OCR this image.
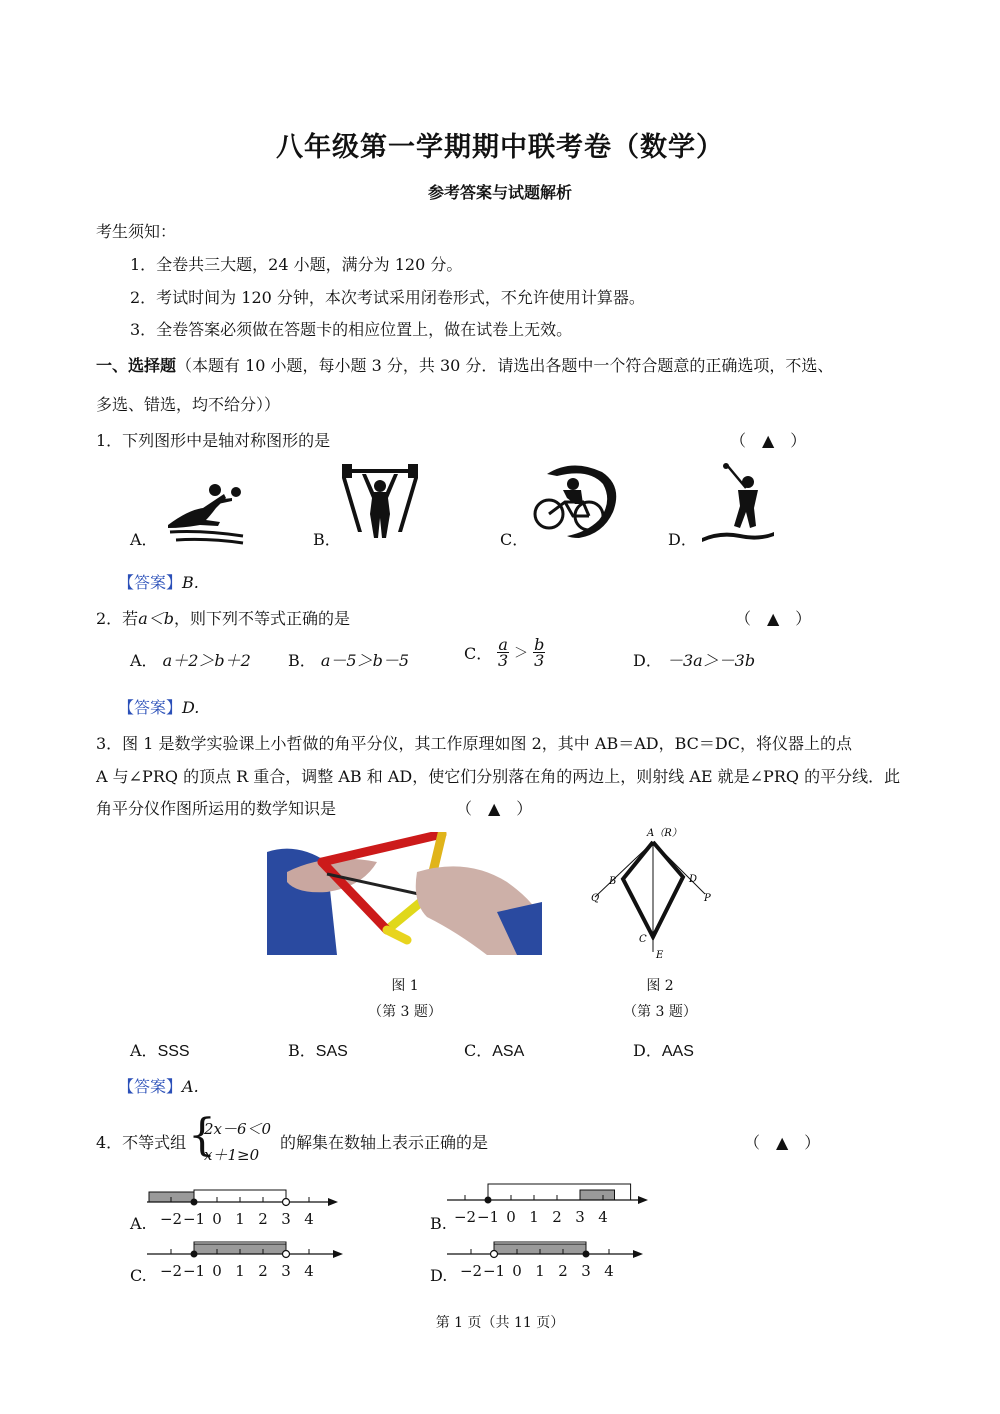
八年级第一学期期中联考卷（数学）
参考答案与试题解析
考生须知：
1．全卷共三大题，24 小题，满分为 120 分。
2．考试时间为 120 分钟，本次考试采用闭卷形式，不允许使用计算器。
3．全卷答案必须做在答题卡的相应位置上，做在试卷上无效。
一、选择题（本题有 10 小题，每小题 3 分，共 30 分．请选出各题中一个符合题意的正确选项，不选、
多选、错选，均不给分））
1．下列图形中是轴对称图形的是	（　▲　）
A．	B．	C．	D．
【答案】B.
2．若a＜b，则下列不等式正确的是	（　▲　）
A． a＋2＞b＋2 B． a－5＞b－5	C． $\frac{a}{3} > \frac{b}{3}$	D． －3a＞－3b
【答案】D.
3．图 1 是数学实验课上小哲做的角平分仪，其工作原理如图 2，其中 AB＝AD，BC＝DC，将仪器上的点
A 与∠PRQ 的顶点 R 重合，调整 AB 和 AD，使它们分别落在角的两边上，则射线 AE 就是∠PRQ 的平分线．此
角平分仪作图所运用的数学知识是	（　▲　）
A（R）
B
C
D
E
P
Q
图 1	图 2
（第 3 题）	（第 3 题）
A．SSS	B．SAS	C．ASA	D．AAS
【答案】A.
4．不等式组 {
2x－6＜0
x＋1≥0
的解集在数轴上表示正确的是	（　▲　）
A.	B.
C.	D.
−2 −1 0 1 2 3 4	−2 −1 0 1 2 3 4
−2 −1 0 1 2 3 4	−2 −1 0 1 2 3 4
第 1 页（共 11 页）
